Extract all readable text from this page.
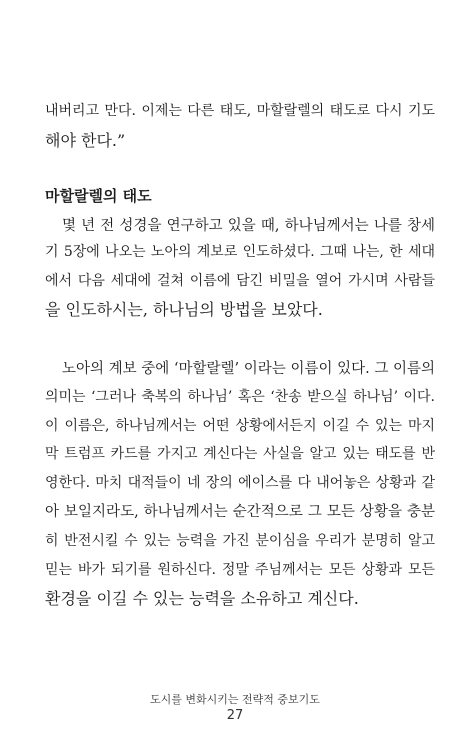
내버리고 만다. 이제는 다른 태도, 마할랄렐의 태도로 다시 기도
해야 한다.”
마할랄렐의 태도
몇 년 전 성경을 연구하고 있을 때, 하나님께서는 나를 창세
기 5장에 나오는 노아의 계보로 인도하셨다. 그때 나는, 한 세대
에서 다음 세대에 걸쳐 이름에 담긴 비밀을 열어 가시며 사람들
을 인도하시는, 하나님의 방법을 보았다.
노아의 계보 중에 ‘마할랄렐’ 이라는 이름이 있다. 그 이름의
의미는 ‘그러나 축복의 하나님’ 혹은 ‘찬송 받으실 하나님’ 이다.
이 이름은, 하나님께서는 어떤 상황에서든지 이길 수 있는 마지
막 트럼프 카드를 가지고 계신다는 사실을 알고 있는 태도를 반
영한다. 마치 대적들이 네 장의 에이스를 다 내어놓은 상황과 같
아 보일지라도, 하나님께서는 순간적으로 그 모든 상황을 충분
히 반전시킬 수 있는 능력을 가진 분이심을 우리가 분명히 알고
믿는 바가 되기를 원하신다. 정말 주님께서는 모든 상황과 모든
환경을 이길 수 있는 능력을 소유하고 계신다.
도시를 변화시키는 전략적 중보기도
27
